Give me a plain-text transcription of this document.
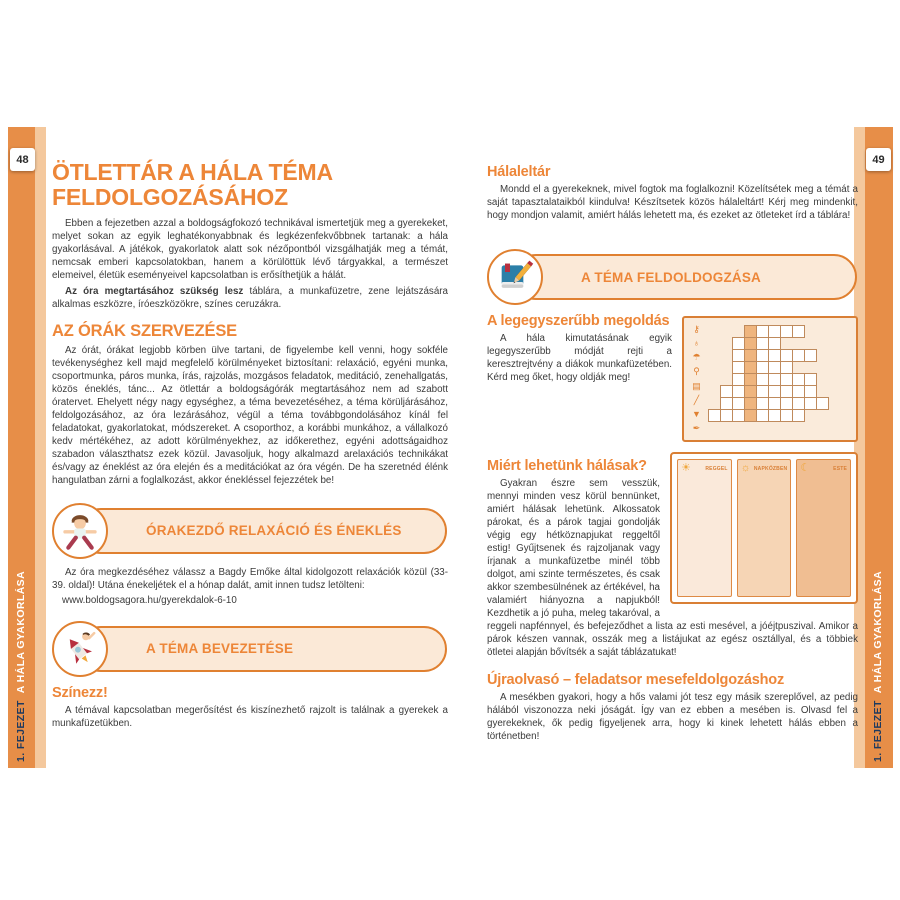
48	49
1. FEJEZETA HÁLA GYAKORLÁSA
1. FEJEZETA HÁLA GYAKORLÁSA
ÖTLETTÁR A HÁLA TÉMA FELDOLGOZÁSÁHOZ

Ebben a fejezetben azzal a boldogságfokozó technikával ismertetjük meg a gyerekeket, melyet sokan az egyik leghatékonyabbnak és legkézenfekvőbbnek tartanak: a hála gyakorlásával. A játékok, gyakorlatok alatt sok nézőpontból vizsgálhatják meg a témát, nemcsak emberi kapcsolatokban, hanem a körülöttük lévő tárgyakkal, a természet elemeivel, életük eseményeivel kapcsolatban is erősíthetjük a hálát.

Az óra megtartásához szükség lesz táblára, a munkafüzetre, zene lejátszására alkalmas eszközre, íróeszközökre, színes ceruzákra.

AZ ÓRÁK SZERVEZÉSE

Az órát, órákat legjobb körben ülve tartani, de figyelembe kell venni, hogy sokféle tevékenységhez kell majd megfelelő körülményeket biztosítani: relaxáció, egyéni munka, csoportmunka, páros munka, írás, rajzolás, mozgásos feladatok, meditáció, zenehallgatás, közös éneklés, tánc... Az ötlettár a boldogságórák megtartásához nem ad szabott óratervet. Ehelyett négy nagy egységhez, a téma bevezetéséhez, a téma körüljárásához, feldolgozásához, az óra lezárásához, végül a téma továbbgondolásához kínál fel feladatokat, gyakorlatokat, módszereket. A csoporthoz, a korábbi munkához, a vállalkozó kedv mértékéhez, az adott körülményekhez, az időkerethez, egyéni adottságaidhoz szabadon választhatsz ezek közül. Javasoljuk, hogy alkalmazd arelaxációs technikákat és/vagy az éneklést az óra elején és a meditációkat az óra végén. De ha szeretnéd élénk hangulatban zárni a foglalkozást, akkor énekléssel fejezzétek be!

ÓRAKEZDŐ RELAXÁCIÓ ÉS ÉNEKLÉS

Az óra megkezdéséhez válassz a Bagdy Emőke által kidolgozott relaxációk közül (33-39. oldal)! Utána énekeljétek el a hónap dalát, amit innen tudsz letölteni:

www.boldogsagora.hu/gyerekdalok-6-10

A TÉMA BEVEZETÉSE
Színezz!

A témával kapcsolatban megerősítést és kiszínezhető rajzolt is találnak a gyerekek a munkafüzetükben.

Hálaleltár

Mondd el a gyerekeknek, mivel fogtok ma foglalkozni! Közelítsétek meg a témát a saját tapasztalataikból kiindulva! Készítsetek közös hálaleltárt! Kérj meg mindenkit, hogy mondjon valamit, amiért hálás lehetett ma, és ezeket az ötleteket írd a táblára!

A TÉMA FELDOLDOGZÁSA
⚷
♁
☂
⚲
▤
╱
▼
✒
A legegyszerűbb megoldás

A hála kimutatásának egyik legegyszerűbb módját rejti a keresztrejtvény a diákok munkafüzetében. Kérd meg őket, hogy oldják meg!

☀	REGGEL ☼ NAPKÖZBEN ☾	ESTE
Miért lehetünk hálásak?

Gyakran észre sem vesszük, mennyi minden vesz körül bennünket, amiért hálásak lehetünk. Alkossatok párokat, és a párok tagjai gondolják végig egy hétköznapjukat reggeltől estig! Gyűjtsenek és rajzoljanak vagy írjanak a munkafüzetbe minél több dolgot, ami szinte természetes, és csak akkor szembesülnének az értékével, ha valamiért hiányozna a napjukból! Kezdhetik a jó puha, meleg takaróval, a reggeli napfénnyel, és befejeződhet a lista az esti mesével, a jóéjtpuszival. Amikor a párok készen vannak, osszák meg a listájukat az egész osztállyal, és a többiek ötletei alapján bővítsék a saját táblázatukat!

Újraolvasó – feladatsor mesefeldolgozáshoz

A mesékben gyakori, hogy a hős valami jót tesz egy másik szereplővel, az pedig hálából viszonozza neki jóságát. Így van ez ebben a mesében is. Olvasd fel a gyerekeknek, ők pedig figyeljenek arra, hogy ki kinek lehetett hálás ebben a történetben!
